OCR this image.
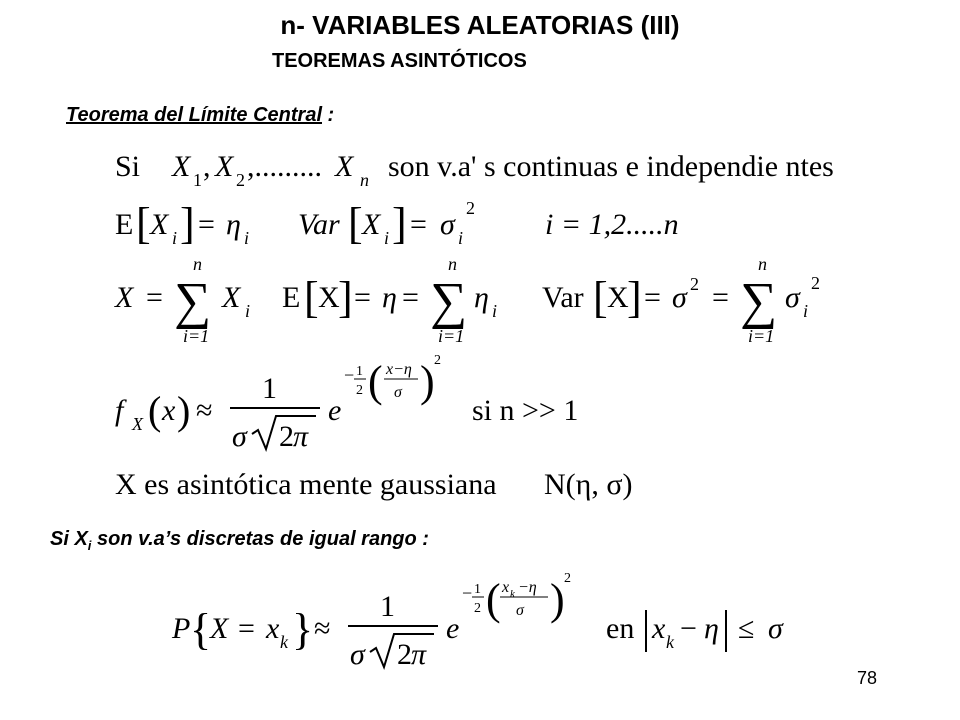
n- VARIABLES ALEATORIAS (III)
TEOREMAS ASINTÓTICOS
Teorema del Límite Central :
Si X 1 , X 2 ,......... X n son v.a' s continuas e independie ntes
E [ X i ] = η i Var [ X i ] = σ i
2 i = 1,2.....n
X =
n
∑
i=1
X i E [ X
] = η =
n
∑
i=1
η i Var [ X
] = σ 2 =
n
∑
i=1
σ i
2
f X ( x ) ≈
1
σ 2 π
e
− 1
2 ( x−η
σ ) 2
si n >> 1
X es asintótica mente gaussiana N(η, σ)
P {
X = x k } ≈
1
σ 2 π
e
− 1
2 ( x k −η
σ ) 2
en x k − η ≤ σ
Si $X_i$ son v.a’s discretas de igual rango :
78
